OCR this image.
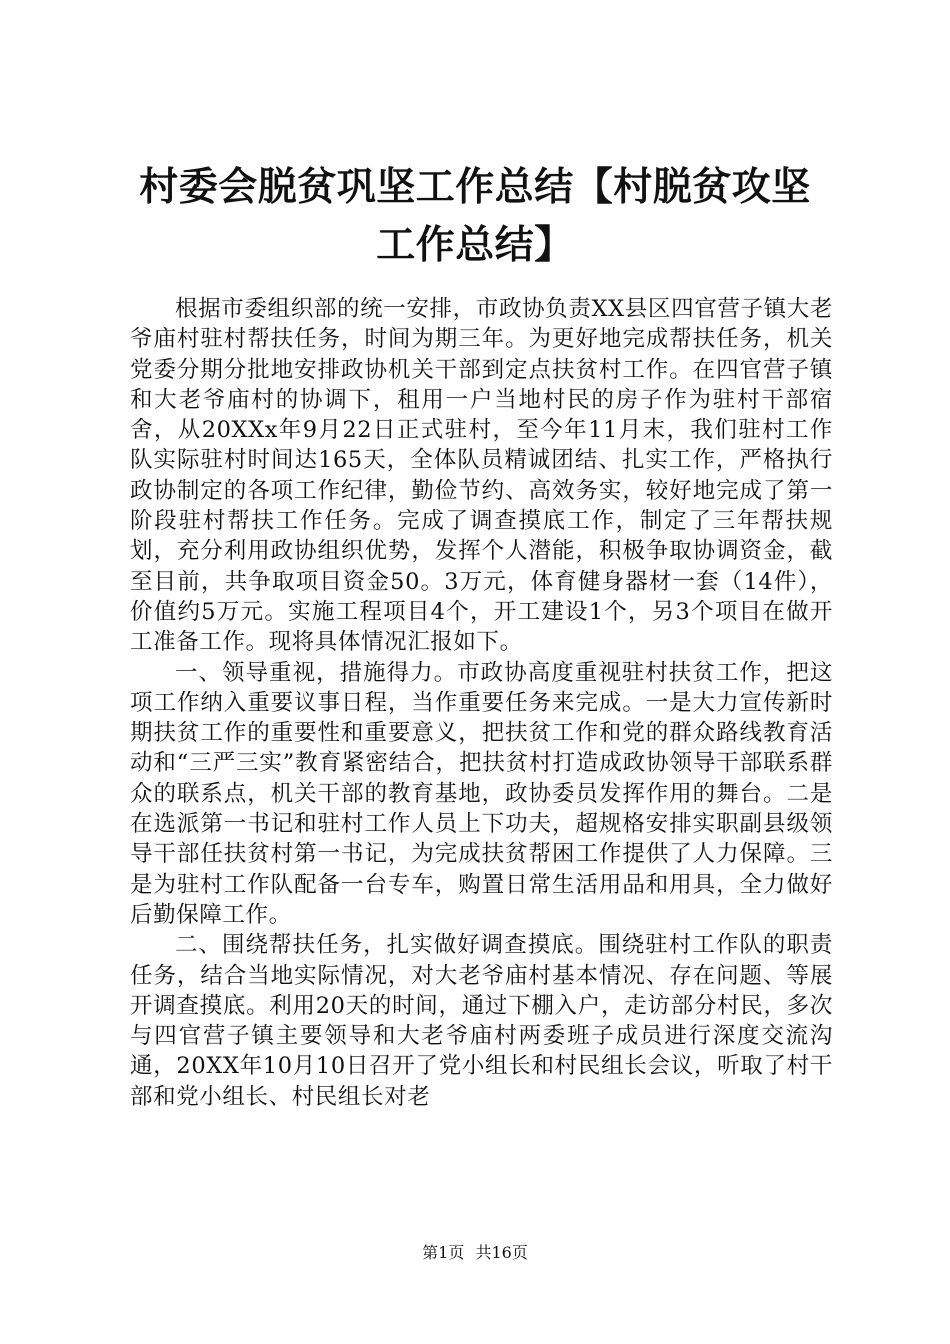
村委会脱贫巩坚工作总结【村脱贫攻坚工作总结】

根据市委组织部的统一安排，市政协负责XX县区四官营子镇大老爷庙村驻村帮扶任务，时间为期三年。为更好地完成帮扶任务，机关党委分期分批地安排政协机关干部到定点扶贫村工作。在四官营子镇和大老爷庙村的协调下，租用一户当地村民的房子作为驻村干部宿舍，从20XXx年9月22日正式驻村，至今年11月末，我们驻村工作队实际驻村时间达165天，全体队员精诚团结、扎实工作，严格执行政协制定的各项工作纪律，勤俭节约、高效务实，较好地完成了第一阶段驻村帮扶工作任务。完成了调查摸底工作，制定了三年帮扶规划，充分利用政协组织优势，发挥个人潜能，积极争取协调资金，截至目前，共争取项目资金50。3万元，体育健身器材一套（14件），价值约5万元。实施工程项目4个，开工建设1个，另3个项目在做开工准备工作。现将具体情况汇报如下。

一、领导重视，措施得力。市政协高度重视驻村扶贫工作，把这项工作纳入重要议事日程，当作重要任务来完成。一是大力宣传新时期扶贫工作的重要性和重要意义，把扶贫工作和党的群众路线教育活动和“三严三实”教育紧密结合，把扶贫村打造成政协领导干部联系群众的联系点，机关干部的教育基地，政协委员发挥作用的舞台。二是在选派第一书记和驻村工作人员上下功夫，超规格安排实职副县级领导干部任扶贫村第一书记，为完成扶贫帮困工作提供了人力保障。三是为驻村工作队配备一台专车，购置日常生活用品和用具，全力做好后勤保障工作。

二、围绕帮扶任务，扎实做好调查摸底。围绕驻村工作队的职责任务，结合当地实际情况，对大老爷庙村基本情况、存在问题、等展开调查摸底。利用20天的时间，通过下棚入户，走访部分村民，多次与四官营子镇主要领导和大老爷庙村两委班子成员进行深度交流沟通，20XX年10月10日召开了党小组长和村民组长会议，听取了村干部和党小组长、村民组长对老

第1页 共16页
